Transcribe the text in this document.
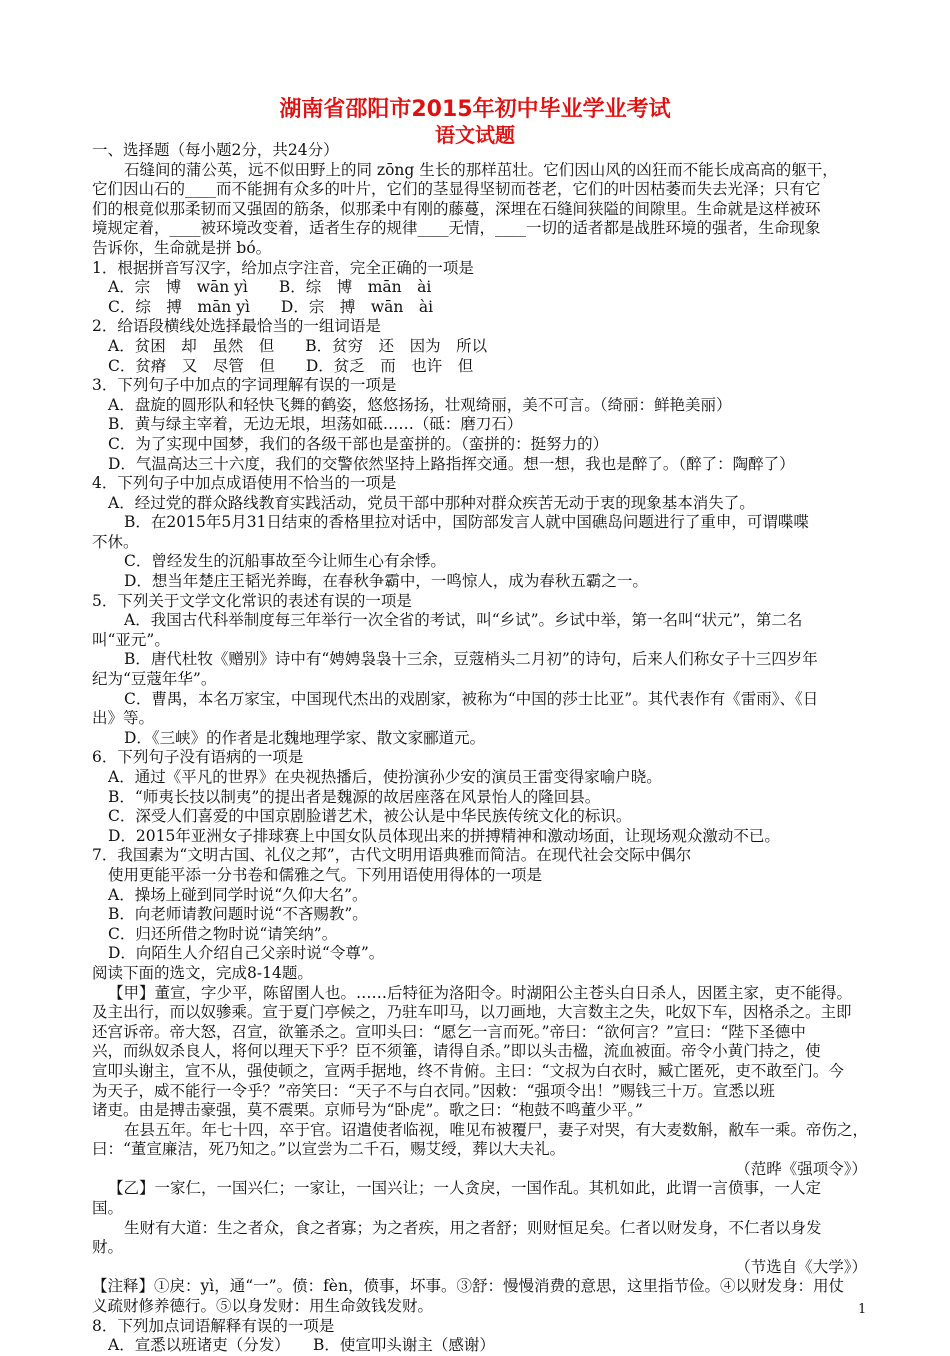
湖南省邵阳市2015年初中毕业学业考试
语文试题

一、选择题（每小题2分，共24分）

石缝间的蒲公英，远不似田野上的同 zōng 生长的那样茁壮。它们因山风的凶狂而不能长成高高的躯干，

它们因山石的____而不能拥有众多的叶片，它们的茎显得坚韧而苍老，它们的叶因枯萎而失去光泽；只有它

们的根竟似那柔韧而又强固的筋条，似那柔中有刚的藤蔓，深埋在石缝间狭隘的间隙里。生命就是这样被环

境规定着，____被环境改变着，适者生存的规律____无情，____一切的适者都是战胜环境的强者，生命现象

告诉你，生命就是拼 bó。

1．根据拼音写汉字，给加点字注音，完全正确的一项是

A．宗　博　wān yì　　B．综　博　mān　ài

C．综　搏　mān yì　　D．宗　搏　wān　ài

2．给语段横线处选择最恰当的一组词语是

A．贫困　却　虽然　但　　B．贫穷　还　因为　所以

C．贫瘠　又　尽管　但　　D．贫乏　而　也许　但

3．下列句子中加点的字词理解有误的一项是

A．盘旋的圆形队和轻快飞舞的鹤姿，悠悠扬扬，壮观绮丽，美不可言。（绮丽：鲜艳美丽）

B．黄与绿主宰着，无边无垠，坦荡如砥……（砥：磨刀石）

C．为了实现中国梦，我们的各级干部也是蛮拼的。（蛮拼的：挺努力的）

D．气温高达三十六度，我们的交警依然坚持上路指挥交通。想一想，我也是醉了。（醉了：陶醉了）

4．下列句子中加点成语使用不恰当的一项是

A．经过党的群众路线教育实践活动，党员干部中那种对群众疾苦无动于衷的现象基本消失了。

B．在2015年5月31日结束的香格里拉对话中，国防部发言人就中国礁岛问题进行了重申，可谓喋喋

不休。

C．曾经发生的沉船事故至今让师生心有余悸。

D．想当年楚庄王韬光养晦，在春秋争霸中，一鸣惊人，成为春秋五霸之一。

5．下列关于文学文化常识的表述有误的一项是

A．我国古代科举制度每三年举行一次全省的考试，叫“乡试”。乡试中举，第一名叫“状元”，第二名

叫“亚元”。

B．唐代杜牧《赠别》诗中有“娉娉袅袅十三余，豆蔻梢头二月初”的诗句，后来人们称女子十三四岁年

纪为“豆蔻年华”。

C．曹禺，本名万家宝，中国现代杰出的戏剧家，被称为“中国的莎士比亚”。其代表作有《雷雨》、《日

出》等。

D．《三峡》的作者是北魏地理学家、散文家郦道元。

6．下列句子没有语病的一项是

A．通过《平凡的世界》在央视热播后，使扮演孙少安的演员王雷变得家喻户晓。

B．“师夷长技以制夷”的提出者是魏源的故居座落在风景怡人的隆回县。

C．深受人们喜爱的中国京剧脸谱艺术，被公认是中华民族传统文化的标识。

D．2015年亚洲女子排球赛上中国女队员体现出来的拼搏精神和激动场面，让现场观众激动不已。

7．我国素为“文明古国、礼仪之邦”，古代文明用语典雅而简洁。在现代社会交际中偶尔

使用更能平添一分书卷和儒雅之气。下列用语使用得体的一项是

A．操场上碰到同学时说“久仰大名”。

B．向老师请教问题时说“不吝赐教”。

C．归还所借之物时说“请笑纳”。

D．向陌生人介绍自己父亲时说“令尊”。

阅读下面的选文，完成8-14题。

【甲】董宣，字少平，陈留圉人也。……后特征为洛阳令。时湖阳公主苍头白日杀人，因匿主家，吏不能得。

及主出行，而以奴骖乘。宣于夏门亭候之，乃驻车叩马，以刀画地，大言数主之失，叱奴下车，因格杀之。主即

还宫诉帝。帝大怒，召宣，欲箠杀之。宣叩头曰：“愿乞一言而死。”帝曰：“欲何言？”宣曰：“陛下圣德中

兴，而纵奴杀良人，将何以理天下乎？臣不须箠，请得自杀。”即以头击楹，流血被面。帝令小黄门持之，使

宣叩头谢主，宣不从，强使顿之，宣两手据地，终不肯俯。主曰：“文叔为白衣时，臧亡匿死，吏不敢至门。今

为天子，威不能行一令乎？”帝笑曰：“天子不与白衣同。”因敕：“强项令出！”赐钱三十万。宣悉以班

诸吏。由是搏击豪强，莫不震栗。京师号为“卧虎”。歌之曰：“枹鼓不鸣董少平。”

在县五年。年七十四，卒于官。诏遣使者临视，唯见布被覆尸，妻子对哭，有大麦数斛，敝车一乘。帝伤之，

曰：“董宣廉洁，死乃知之。”以宣尝为二千石，赐艾绶，葬以大夫礼。

（范晔《强项令》）

【乙】一家仁，一国兴仁；一家让，一国兴让；一人贪戾，一国作乱。其机如此，此谓一言偾事，一人定

国。

生财有大道：生之者众，食之者寡；为之者疾，用之者舒；则财恒足矣。仁者以财发身，不仁者以身发

财。

（节选自《大学》）

【注释】①戾：yì，通“一”。偾：fèn，偾事，坏事。③舒：慢慢消费的意思，这里指节俭。④以财发身：用仗

义疏财修养德行。⑤以身发财：用生命敛钱发财。

8．下列加点词语解释有误的一项是

A．宣悉以班诸吏（分发）　　B．使宣叩头谢主（感谢）

1
